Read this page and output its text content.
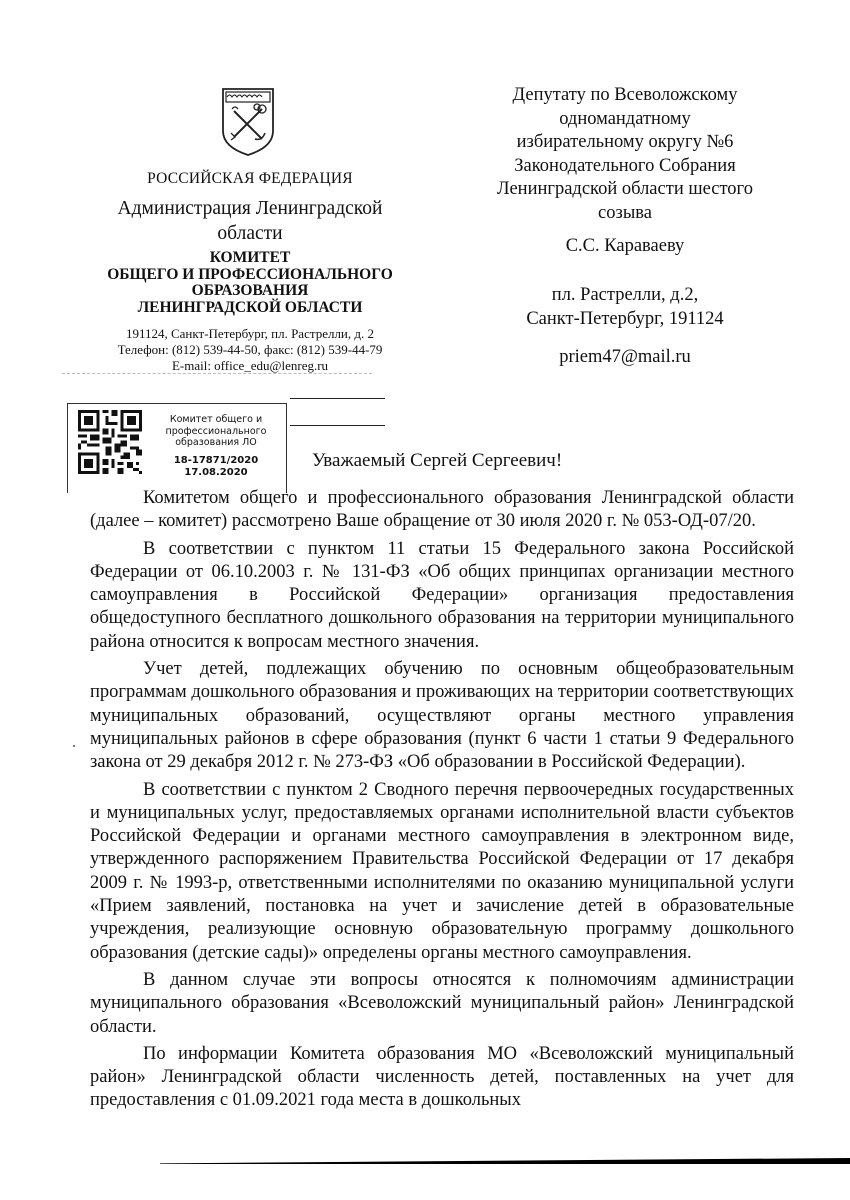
РОССИЙСКАЯ ФЕДЕРАЦИЯ
Администрация Ленинградской
области
КОМИТЕТ
ОБЩЕГО И ПРОФЕССИОНАЛЬНОГО
ОБРАЗОВАНИЯ
ЛЕНИНГРАДСКОЙ ОБЛАСТИ
191124, Санкт-Петербург, пл. Растрелли, д. 2
Телефон: (812) 539-44-50, факс: (812) 539-44-79
E-mail: office_edu@lenreg.ru
Депутату по Всеволожскому
одномандатному
избирательному округу №6
Законодательного Собрания
Ленинградской области шестого
созыва
С.С. Караваеву
пл. Растрелли, д.2,
Санкт-Петербург, 191124
priem47@mail.ru
Комитет общего и
профессионального
образования ЛО
18-17871/2020
17.08.2020
Уважаемый Сергей Сергеевич!

Комитетом общего и профессионального образования Ленинградской области (далее – комитет) рассмотрено Ваше обращение от 30 июля 2020 г. № 053-ОД-07/20.

В соответствии с пунктом 11 статьи 15 Федерального закона Российской Федерации от 06.10.2003 г. № 131-ФЗ «Об общих принципах организации местного самоуправления в Российской Федерации» организация предоставления общедоступного бесплатного дошкольного образования на территории муниципального района относится к вопросам местного значения.

Учет детей, подлежащих обучению по основным общеобразовательным программам дошкольного образования и проживающих на территории соответствующих муниципальных образований, осуществляют органы местного управления муниципальных районов в сфере образования (пункт 6 части 1 статьи 9 Федерального закона от 29 декабря 2012 г. № 273-ФЗ «Об образовании в Российской Федерации).

В соответствии с пунктом 2 Сводного перечня первоочередных государственных и муниципальных услуг, предоставляемых органами исполнительной власти субъектов Российской Федерации и органами местного самоуправления в электронном виде, утвержденного распоряжением Правительства Российской Федерации от 17 декабря 2009 г. № 1993-р, ответственными исполнителями по оказанию муниципальной услуги «Прием заявлений, постановка на учет и зачисление детей в образовательные учреждения, реализующие основную образовательную программу дошкольного образования (детские сады)» определены органы местного самоуправления.

В данном случае эти вопросы относятся к полномочиям администрации муниципального образования «Всеволожский муниципальный район» Ленинградской области.

По информации Комитета образования МО «Всеволожский муниципальный район» Ленинградской области численность детей, поставленных на учет для предоставления с 01.09.2021 года места в дошкольных
